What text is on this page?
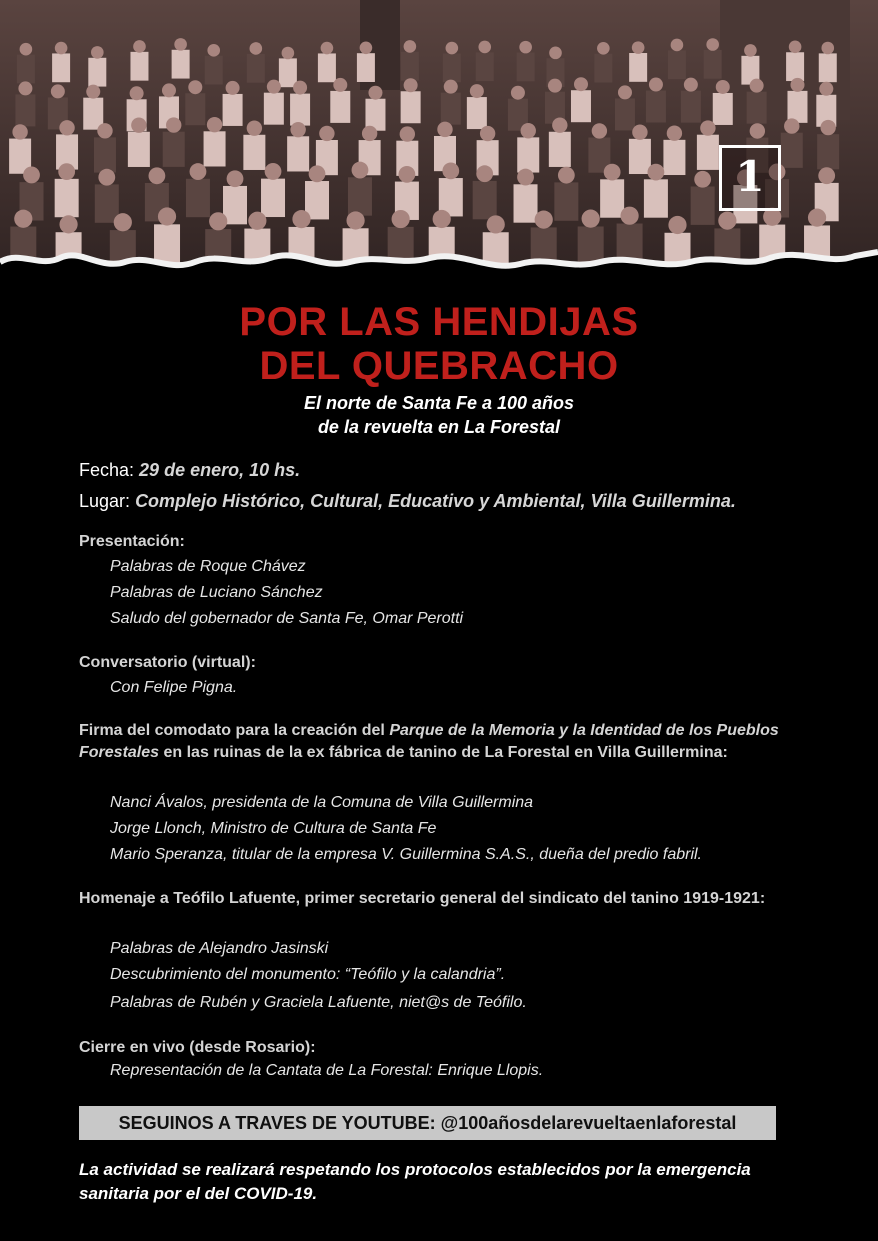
1
POR LAS HENDIJAS
DEL QUEBRACHO
El norte de Santa Fe a 100 años
de la revuelta en La Forestal
Fecha: 29 de enero, 10 hs.
Lugar: Complejo Histórico, Cultural, Educativo y Ambiental, Villa Guillermina.
Presentación:
Palabras de Roque Chávez
Palabras de Luciano Sánchez
Saludo del gobernador de Santa Fe, Omar Perotti
Conversatorio (virtual):
Con Felipe Pigna.
Firma del comodato para la creación del Parque de la Memoria y la Identidad de los Pueblos Forestales en las ruinas de la ex fábrica de tanino de La Forestal en Villa Guillermina:
Nanci Ávalos, presidenta de la Comuna de Villa Guillermina
Jorge Llonch, Ministro de Cultura de Santa Fe
Mario Speranza, titular de la empresa V. Guillermina S.A.S., dueña del predio fabril.
Homenaje a Teófilo Lafuente, primer secretario general del sindicato del tanino 1919-1921:
Palabras de Alejandro Jasinski
Descubrimiento del monumento: “Teófilo y la calandria”.
Palabras de Rubén y Graciela Lafuente, niet@s de Teófilo.
Cierre en vivo (desde Rosario):
Representación de la Cantata de La Forestal: Enrique Llopis.
SEGUINOS A TRAVES DE YOUTUBE: @100añosdelarevueltaenlaforestal
La actividad se realizará respetando los protocolos establecidos por la emergencia sanitaria por el del COVID-19.
